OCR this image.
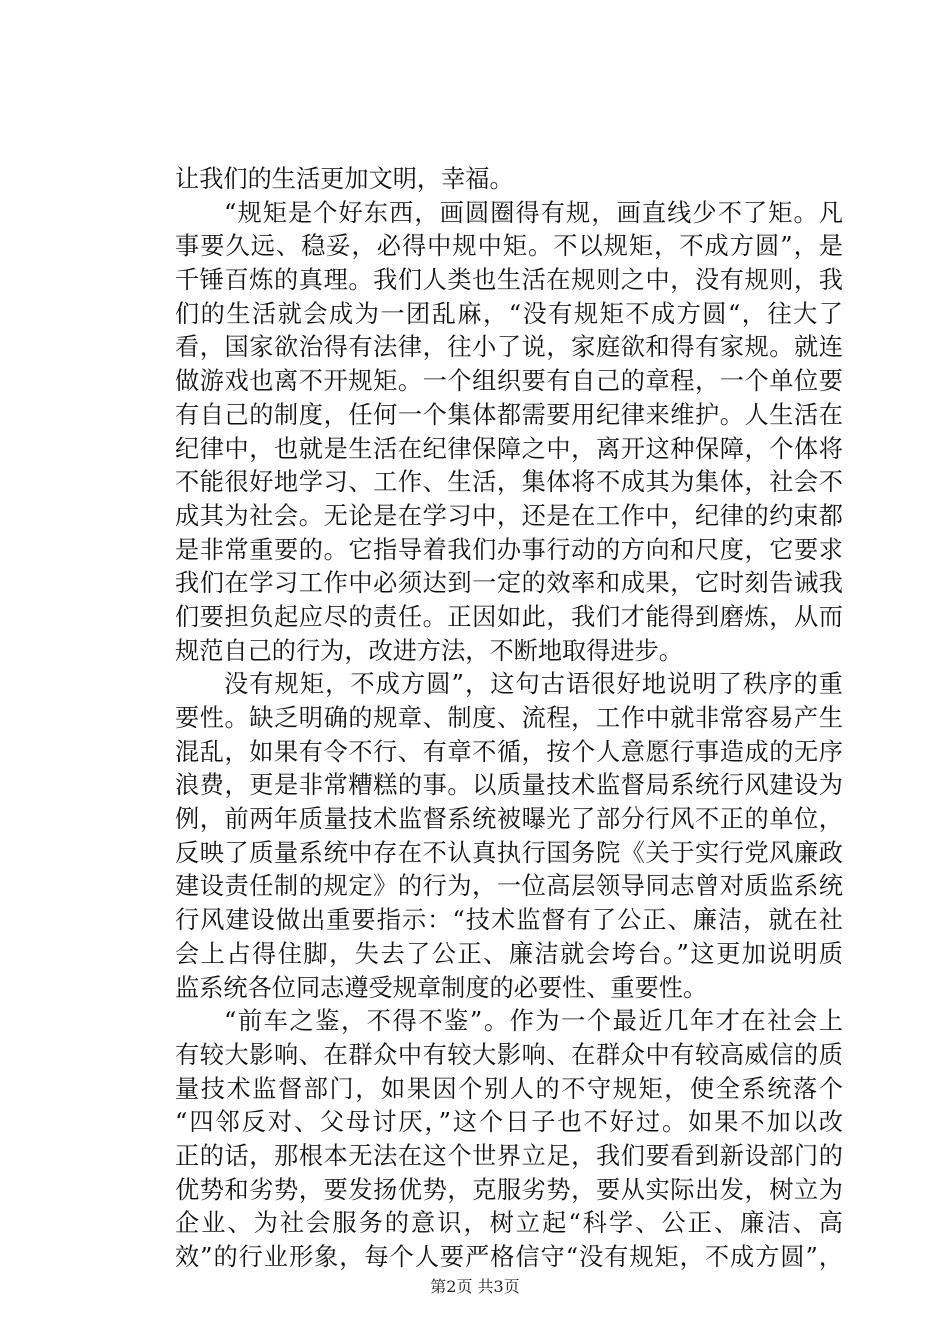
让我们的生活更加文明，幸福。
“规矩是个好东西，画圆圈得有规，画直线少不了矩。凡
事要久远、稳妥，必得中规中矩。不以规矩，不成方圆”，是
千锤百炼的真理。我们人类也生活在规则之中，没有规则，我
们的生活就会成为一团乱麻，“没有规矩不成方圆“，往大了
看，国家欲治得有法律，往小了说，家庭欲和得有家规。就连
做游戏也离不开规矩。一个组织要有自己的章程，一个单位要
有自己的制度，任何一个集体都需要用纪律来维护。人生活在
纪律中，也就是生活在纪律保障之中，离开这种保障，个体将
不能很好地学习、工作、生活，集体将不成其为集体，社会不
成其为社会。无论是在学习中，还是在工作中，纪律的约束都
是非常重要的。它指导着我们办事行动的方向和尺度，它要求
我们在学习工作中必须达到一定的效率和成果，它时刻告诫我
们要担负起应尽的责任。正因如此，我们才能得到磨炼，从而
规范自己的行为，改进方法，不断地取得进步。
没有规矩，不成方圆”，这句古语很好地说明了秩序的重
要性。缺乏明确的规章、制度、流程，工作中就非常容易产生
混乱，如果有令不行、有章不循，按个人意愿行事造成的无序
浪费，更是非常糟糕的事。以质量技术监督局系统行风建设为
例，前两年质量技术监督系统被曝光了部分行风不正的单位，
反映了质量系统中存在不认真执行国务院《关于实行党风廉政
建设责任制的规定》的行为，一位高层领导同志曾对质监系统
行风建设做出重要指示：“技术监督有了公正、廉洁，就在社
会上占得住脚，失去了公正、廉洁就会垮台。”这更加说明质
监系统各位同志遵受规章制度的必要性、重要性。
“前车之鉴，不得不鉴”。作为一个最近几年才在社会上
有较大影响、在群众中有较大影响、在群众中有较高威信的质
量技术监督部门，如果因个别人的不守规矩，使全系统落个
“四邻反对、父母讨厌，”这个日子也不好过。如果不加以改
正的话，那根本无法在这个世界立足，我们要看到新设部门的
优势和劣势，要发扬优势，克服劣势，要从实际出发，树立为
企业、为社会服务的意识，树立起“科学、公正、廉洁、高
效”的行业形象，每个人要严格信守“没有规矩，不成方圆”，
第2页 共3页
